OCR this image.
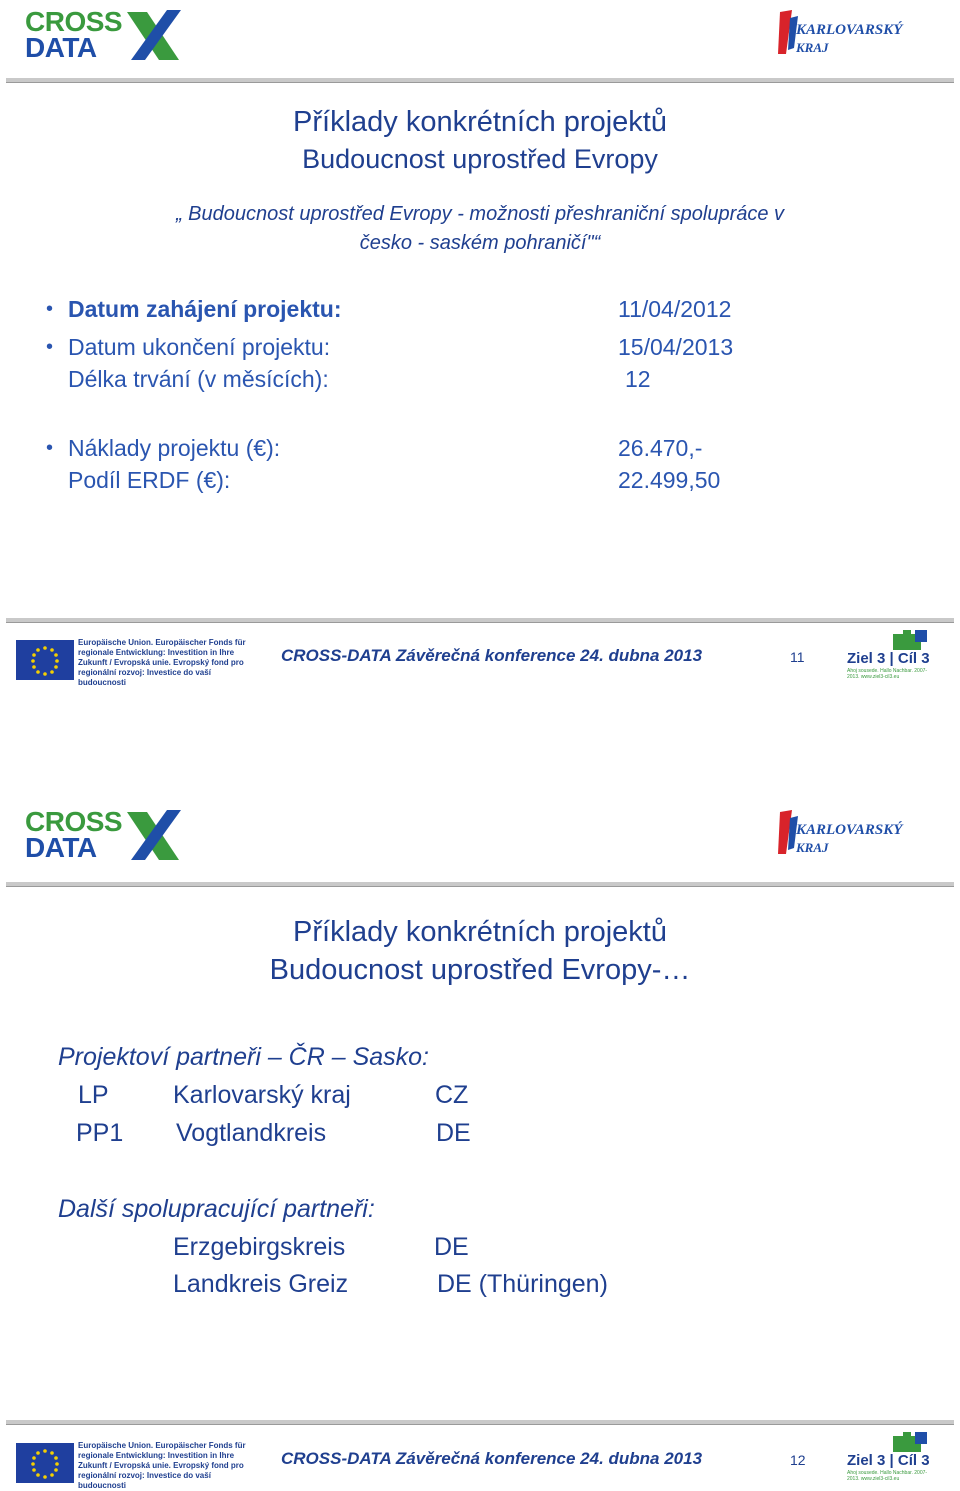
CROSS
DATA
KARLOVARSKÝ
KRAJ
Příklady konkrétních projektů
Budoucnost uprostřed Evropy
„ Budoucnost uprostřed Evropy - možnosti přeshraniční spolupráce v
česko - saském pohraničí"“
• Datum zahájení projektu:	11/04/2012
• Datum ukončení projektu:	15/04/2013
Délka trvání (v měsících):	12
• Náklady projektu (€):	26.470,-
Podíl ERDF (€):	22.499,50
Europäische Union. Europäischer Fonds für regionale Entwicklung: Investition in Ihre Zukunft / Evropská unie. Evropský fond pro regionální rozvoj: Investice do vaší budoucnosti
CROSS-DATA Závěrečná konference 24. dubna 2013	11	Ziel 3 | Cíl 3
Ahoj sousede. Hallo Nachbar. 2007-2013. www.ziel3-cil3.eu
CROSS
DATA
KARLOVARSKÝ
KRAJ
Příklady konkrétních projektů
Budoucnost uprostřed Evropy-…
Projektoví partneři – ČR – Sasko:
LP	Karlovarský kraj	CZ
PP1 Vogtlandkreis	DE
Další spolupracující partneři:
Erzgebirgskreis	DE
Landkreis Greiz	DE (Thüringen)
Europäische Union. Europäischer Fonds für regionale Entwicklung: Investition in Ihre Zukunft / Evropská unie. Evropský fond pro regionální rozvoj: Investice do vaší budoucnosti
CROSS-DATA Závěrečná konference 24. dubna 2013	12	Ziel 3 | Cíl 3
Ahoj sousede. Hallo Nachbar. 2007-2013. www.ziel3-cil3.eu
